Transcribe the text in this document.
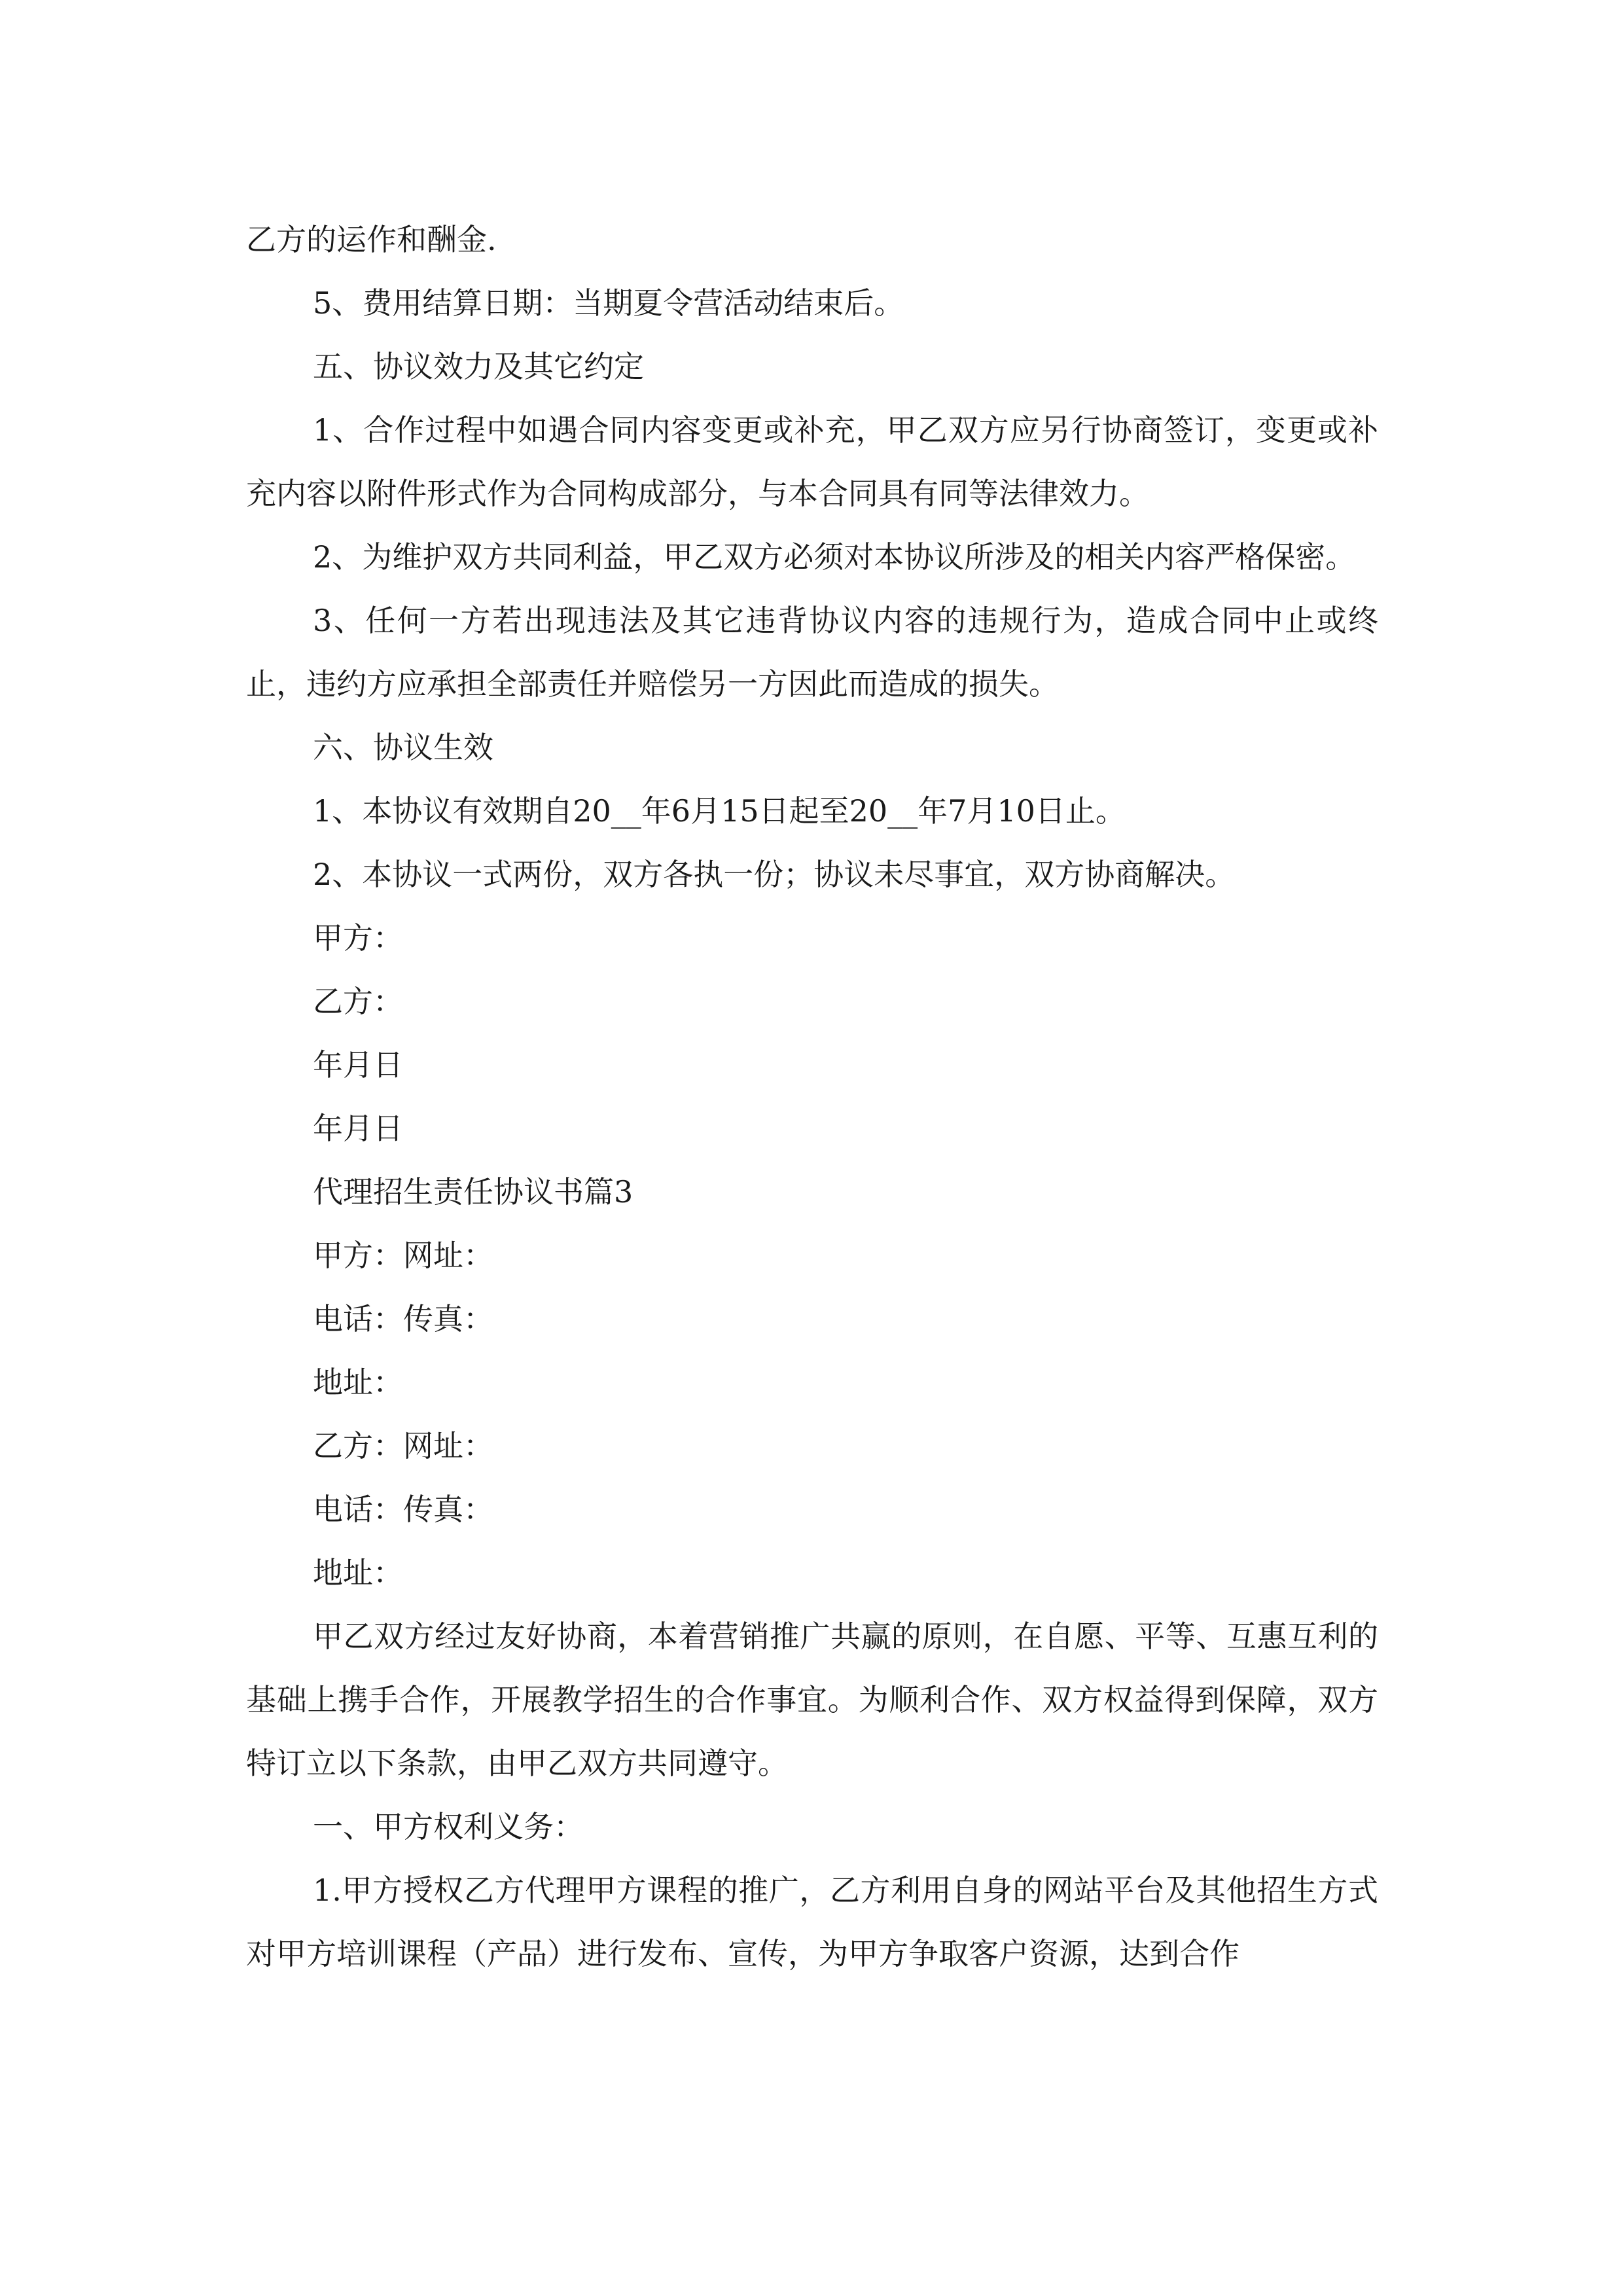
乙方的运作和酬金.

5、费用结算日期：当期夏令营活动结束后。

五、协议效力及其它约定

1、合作过程中如遇合同内容变更或补充，甲乙双方应另行协商签订，变更或补充内容以附件形式作为合同构成部分，与本合同具有同等法律效力。

2、为维护双方共同利益，甲乙双方必须对本协议所涉及的相关内容严格保密。

3、任何一方若出现违法及其它违背协议内容的违规行为，造成合同中止或终止，违约方应承担全部责任并赔偿另一方因此而造成的损失。

六、协议生效

1、本协议有效期自20__年6月15日起至20__年7月10日止。

2、本协议一式两份，双方各执一份；协议未尽事宜，双方协商解决。

甲方：

乙方：

年月日

年月日

代理招生责任协议书篇3

甲方：网址：

电话：传真：

地址：

乙方：网址：

电话：传真：

地址：

甲乙双方经过友好协商，本着营销推广共赢的原则，在自愿、平等、互惠互利的基础上携手合作，开展教学招生的合作事宜。为顺利合作、双方权益得到保障，双方特订立以下条款，由甲乙双方共同遵守。

一、甲方权利义务：

1.甲方授权乙方代理甲方课程的推广，乙方利用自身的网站平台及其他招生方式对甲方培训课程（产品）进行发布、宣传，为甲方争取客户资源，达到合作
